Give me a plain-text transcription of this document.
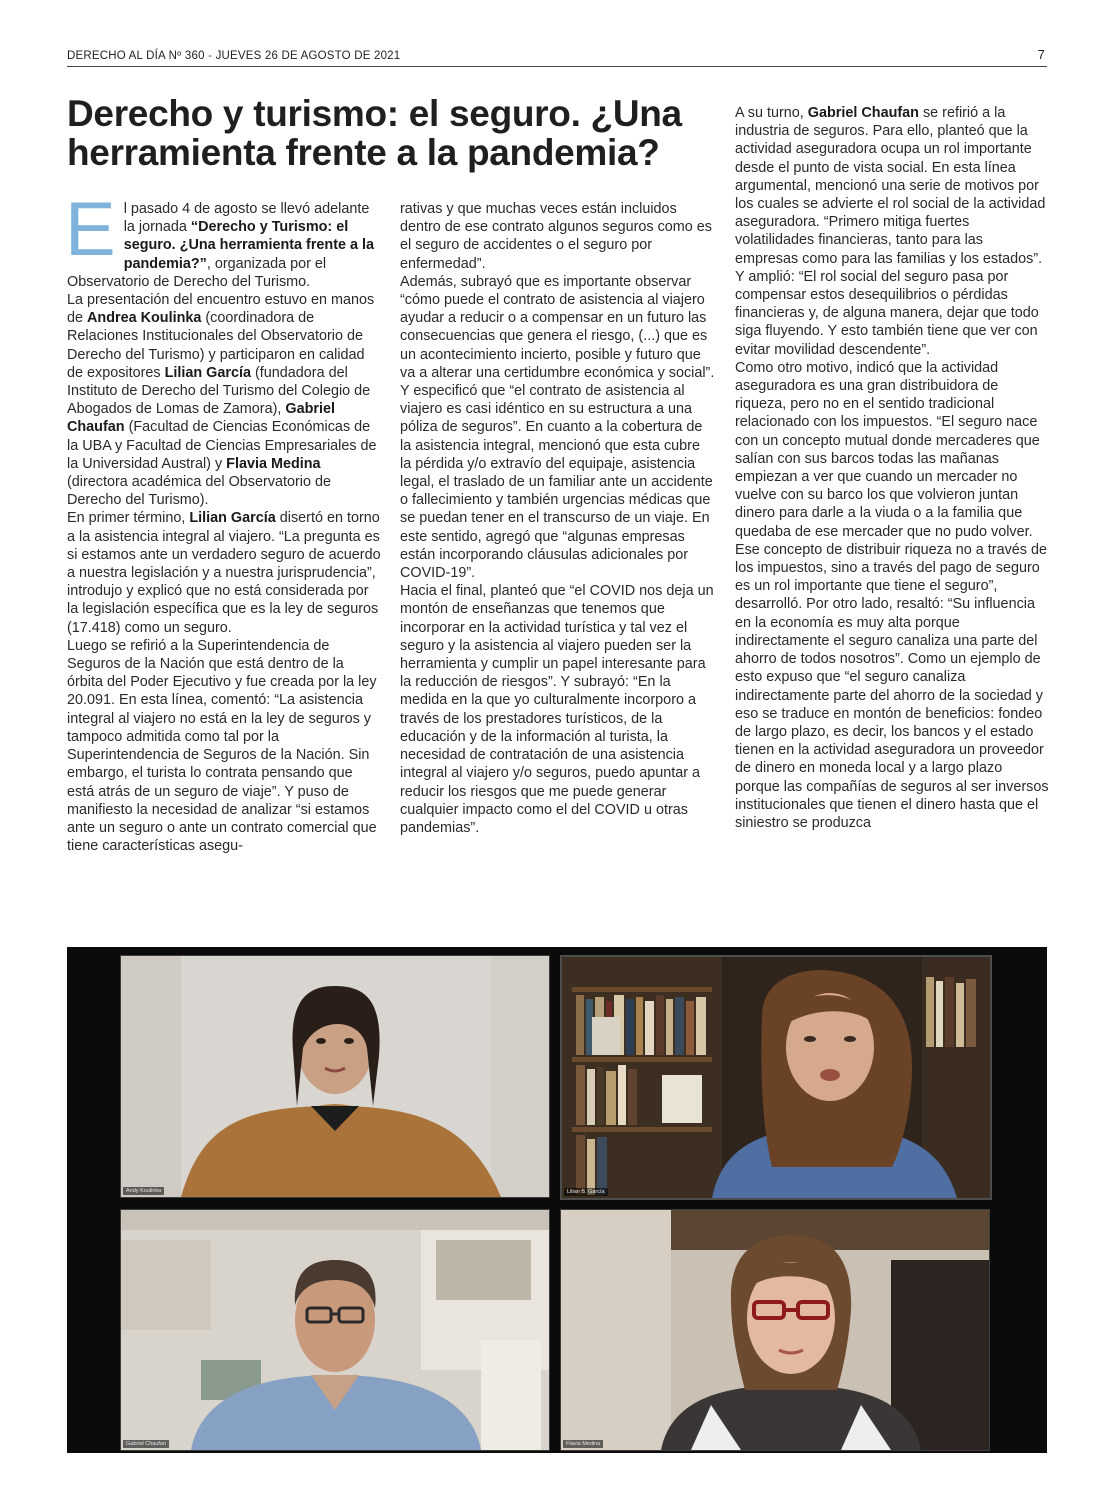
DERECHO AL DÍA Nº 360 - JUEVES 26 DE AGOSTO DE 2021	7
Derecho y turismo: el seguro. ¿Una herramienta frente a la pandemia?
E l pasado 4 de agosto se llevó adelante la jornada “Derecho y Turismo: el seguro. ¿Una herramienta frente a la pandemia?”, organizada por el Observatorio de Derecho del Turismo.

La presentación del encuentro estuvo en manos de Andrea Koulinka (coordinadora de Relaciones Institucionales del Observatorio de Derecho del Turismo) y participaron en calidad de expositores Lilian García (fundadora del Instituto de Derecho del Turismo del Colegio de Abogados de Lomas de Zamora), Gabriel Chaufan (Facultad de Ciencias Económicas de la UBA y Facultad de Ciencias Empresariales de la Universidad Austral) y Flavia Medina (directora académica del Observatorio de Derecho del Turismo).

En primer término, Lilian García disertó en torno a la asistencia integral al viajero. “La pregunta es si estamos ante un verdadero seguro de acuerdo a nuestra legislación y a nuestra jurisprudencia”, introdujo y explicó que no está considerada por la legislación específica que es la ley de seguros (17.418) como un seguro.

Luego se refirió a la Superintendencia de Seguros de la Nación que está dentro de la órbita del Poder Ejecutivo y fue creada por la ley 20.091. En esta línea, comentó: “La asistencia integral al viajero no está en la ley de seguros y tampoco admitida como tal por la Superintendencia de Seguros de la Nación. Sin embargo, el turista lo contrata pensando que está atrás de un seguro de viaje”. Y puso de manifiesto la necesidad de analizar “si estamos ante un seguro o ante un contrato comercial que tiene características asegu-

rativas y que muchas veces están incluidos dentro de ese contrato algunos seguros como es el seguro de accidentes o el seguro por enfermedad”.

Además, subrayó que es importante observar “cómo puede el contrato de asistencia al viajero ayudar a reducir o a compensar en un futuro las consecuencias que genera el riesgo, (...) que es un acontecimiento incierto, posible y futuro que va a alterar una certidumbre económica y social”. Y especificó que “el contrato de asistencia al viajero es casi idéntico en su estructura a una póliza de seguros”. En cuanto a la cobertura de la asistencia integral, mencionó que esta cubre la pérdida y/o extravío del equipaje, asistencia legal, el traslado de un familiar ante un accidente o fallecimiento y también urgencias médicas que se puedan tener en el transcurso de un viaje. En este sentido, agregó que “algunas empresas están incorporando cláusulas adicionales por COVID-19”.

Hacia el final, planteó que “el COVID nos deja un montón de enseñanzas que tenemos que incorporar en la actividad turística y tal vez el seguro y la asistencia al viajero pueden ser la herramienta y cumplir un papel interesante para la reducción de riesgos”. Y subrayó: “En la medida en la que yo culturalmente incorporo a través de los prestadores turísticos, de la educación y de la información al turista, la necesidad de contratación de una asistencia integral al viajero y/o seguros, puedo apuntar a reducir los riesgos que me puede generar cualquier impacto como el del COVID u otras pandemias”.

A su turno, Gabriel Chaufan se refirió a la industria de seguros. Para ello, planteó que la actividad aseguradora ocupa un rol importante desde el punto de vista social. En esta línea argumental, mencionó una serie de motivos por los cuales se advierte el rol social de la actividad aseguradora. “Primero mitiga fuertes volatilidades financieras, tanto para las empresas como para las familias y los estados”. Y amplió: “El rol social del seguro pasa por compensar estos desequilibrios o pérdidas financieras y, de alguna manera, dejar que todo siga fluyendo. Y esto también tiene que ver con evitar movilidad descendente”.

Como otro motivo, indicó que la actividad aseguradora es una gran distribuidora de riqueza, pero no en el sentido tradicional relacionado con los impuestos. “El seguro nace con un concepto mutual donde mercaderes que salían con sus barcos todas las mañanas empiezan a ver que cuando un mercader no vuelve con su barco los que volvieron juntan dinero para darle a la viuda o a la familia que quedaba de ese mercader que no pudo volver. Ese concepto de distribuir riqueza no a través de los impuestos, sino a través del pago de seguro es un rol importante que tiene el seguro”, desarrolló. Por otro lado, resaltó: “Su influencia en la economía es muy alta porque indirectamente el seguro canaliza una parte del ahorro de todos nosotros”. Como un ejemplo de esto expuso que “el seguro canaliza indirectamente parte del ahorro de la sociedad y eso se traduce en montón de beneficios: fondeo de largo plazo, es decir, los bancos y el estado tienen en la actividad aseguradora un proveedor de dinero en moneda local y a largo plazo porque las compañías de seguros al ser inversos institucionales que tienen el dinero hasta que el siniestro se produzca

Andy Koulinka	Lilian B. García
Gabriel Chaufan	Flavia Medina
